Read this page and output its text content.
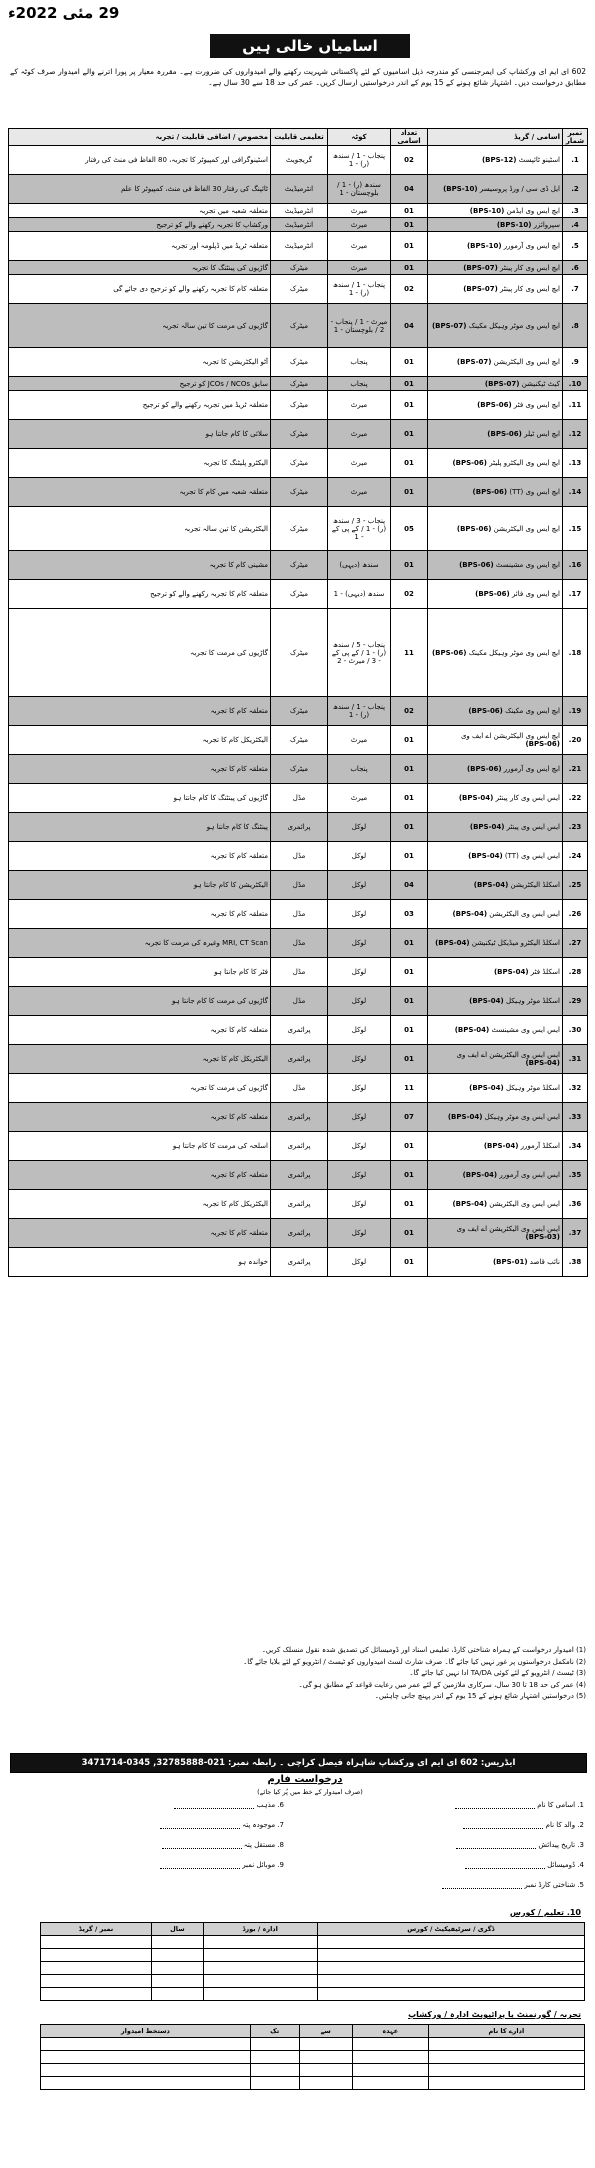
29 مئی 2022ء
اسامیاں خالی ہیں

602 ای ایم ای ورکشاپ کی ایمرجنسی کو مندرجہ ذیل اسامیوں کے لئے پاکستانی شہریت رکھنے والے امیدواروں کی ضرورت ہے۔ مقررہ معیار پر پورا اترنے والے امیدوار صرف کوٹہ کے مطابق درخواست دیں۔ اشتہار شائع ہونے کے 15 یوم کے اندر درخواستیں ارسال کریں۔ عمر کی حد 18 سے 30 سال ہے۔

نمبر شمار	اسامی / گریڈ	تعداد اسامی	کوٹہ	تعلیمی قابلیت	مخصوص / اضافی قابلیت / تجربہ
1.	اسٹینو ٹائپسٹ (BPS-12)	02	پنجاب - 1 / سندھ (ر) - 1	گریجویٹ	اسٹینوگرافی اور کمپیوٹر کا تجربہ، 80 الفاظ فی منٹ کی رفتار
2.	ایل ڈی سی / ورڈ پروسیسر (BPS-10)	04	سندھ (ر) - 1 / بلوچستان - 1	انٹرمیڈیٹ	ٹائپنگ کی رفتار 30 الفاظ فی منٹ، کمپیوٹر کا علم
3.	ایچ ایس وی ایڈمن (BPS-10)	01	میرٹ	انٹرمیڈیٹ	متعلقہ شعبہ میں تجربہ
4.	سپروائزر (BPS-10)	01	میرٹ	انٹرمیڈیٹ	ورکشاپ کا تجربہ رکھنے والے کو ترجیح
5.	ایچ ایس وی آرمورر (BPS-10)	01	میرٹ	انٹرمیڈیٹ	متعلقہ ٹریڈ میں ڈپلومہ اور تجربہ
6.	ایچ ایس وی کار پینٹر (BPS-07)	01	میرٹ	میٹرک	گاڑیوں کی پینٹنگ کا تجربہ
7.	ایچ ایس وی کار پینٹر (BPS-07)	02	پنجاب - 1 / سندھ (ر) - 1	میٹرک	متعلقہ کام کا تجربہ رکھنے والے کو ترجیح دی جائے گی
8.	ایچ ایس وی موٹر وہیکل مکینک (BPS-07)	04	میرٹ - 1 / پنجاب - 2 / بلوچستان - 1	میٹرک	گاڑیوں کی مرمت کا تین سالہ تجربہ
9.	ایچ ایس وی الیکٹریشن (BPS-07)	01	پنجاب	میٹرک	آٹو الیکٹریشن کا تجربہ
10.	کیٹ ٹیکنیشن (BPS-07)	01	پنجاب	میٹرک	سابق JCOs / NCOs کو ترجیح
11.	ایچ ایس وی فٹر (BPS-06)	01	میرٹ	میٹرک	متعلقہ ٹریڈ میں تجربہ رکھنے والے کو ترجیح
12.	ایچ ایس ٹیلر (BPS-06)	01	میرٹ	میٹرک	سلائی کا کام جانتا ہو
13.	ایچ ایس وی الیکٹرو پلیٹر (BPS-06)	01	میرٹ	میٹرک	الیکٹرو پلیٹنگ کا تجربہ
14.	ایچ ایس وی (TT) (BPS-06)	01	میرٹ	میٹرک	متعلقہ شعبہ میں کام کا تجربہ
15.	ایچ ایس وی الیکٹریشن (BPS-06)	05	پنجاب - 3 / سندھ (ر) - 1 / کے پی کے - 1	میٹرک	الیکٹریشن کا تین سالہ تجربہ
16.	ایچ ایس وی مشینسٹ (BPS-06)	01	سندھ (دیہی)	میٹرک	مشینی کام کا تجربہ
17.	ایچ ایس وی فائر (BPS-06)	02	سندھ (دیہی) - 1	میٹرک	متعلقہ کام کا تجربہ رکھنے والے کو ترجیح
18.	ایچ ایس وی موٹر وہیکل مکینک (BPS-06)	11	پنجاب - 5 / سندھ (ر) - 1 / کے پی کے - 3 / میرٹ - 2	میٹرک	گاڑیوں کی مرمت کا تجربہ
19.	ایچ ایس وی مکینک (BPS-06)	02	پنجاب - 1 / سندھ (ر) - 1	میٹرک	متعلقہ کام کا تجربہ
20.	ایچ ایس وی الیکٹریشن اے ایف وی (BPS-06)	01	میرٹ	میٹرک	الیکٹریکل کام کا تجربہ
21.	ایچ ایس وی آرمورر (BPS-06)	01	پنجاب	میٹرک	متعلقہ کام کا تجربہ
22.	ایس ایس وی کار پینٹر (BPS-04)	01	میرٹ	مڈل	گاڑیوں کی پینٹنگ کا کام جانتا ہو
23.	ایس ایس وی پینٹر (BPS-04)	01	لوکل	پرائمری	پینٹنگ کا کام جانتا ہو
24.	ایس ایس وی (TT) (BPS-04)	01	لوکل	مڈل	متعلقہ کام کا تجربہ
25.	اسکلڈ الیکٹریشن (BPS-04)	04	لوکل	مڈل	الیکٹریشن کا کام جانتا ہو
26.	ایس ایس وی الیکٹریشن (BPS-04)	03	لوکل	مڈل	متعلقہ کام کا تجربہ
27.	اسکلڈ الیکٹرو میڈیکل ٹیکنیشن (BPS-04)	01	لوکل	مڈل	MRI, CT Scan وغیرہ کی مرمت کا تجربہ
28.	اسکلڈ فٹر (BPS-04)	01	لوکل	مڈل	فٹر کا کام جانتا ہو
29.	اسکلڈ موٹر وہیکل (BPS-04)	01	لوکل	مڈل	گاڑیوں کی مرمت کا کام جانتا ہو
30.	ایس ایس وی مشینسٹ (BPS-04)	01	لوکل	پرائمری	متعلقہ کام کا تجربہ
31.	ایس ایس وی الیکٹریشن اے ایف وی (BPS-04)	01	لوکل	پرائمری	الیکٹریکل کام کا تجربہ
32.	اسکلڈ موٹر وہیکل (BPS-04)	11	لوکل	مڈل	گاڑیوں کی مرمت کا تجربہ
33.	ایس ایس وی موٹر وہیکل (BPS-04)	07	لوکل	پرائمری	متعلقہ کام کا تجربہ
34.	اسکلڈ آرمورر (BPS-04)	01	لوکل	پرائمری	اسلحہ کی مرمت کا کام جانتا ہو
35.	ایس ایس وی آرمورر (BPS-04)	01	لوکل	پرائمری	متعلقہ کام کا تجربہ
36.	ایس ایس وی الیکٹریشن (BPS-04)	01	لوکل	پرائمری	الیکٹریکل کام کا تجربہ
37.	ایس ایس وی الیکٹریشن اے ایف وی (BPS-03)	01	لوکل	پرائمری	متعلقہ کام کا تجربہ
38.	نائب قاصد (BPS-01)	01	لوکل	پرائمری	خواندہ ہو

(1) امیدوار درخواست کے ہمراہ شناختی کارڈ، تعلیمی اسناد اور ڈومیسائل کی تصدیق شدہ نقول منسلک کریں۔

(2) نامکمل درخواستوں پر غور نہیں کیا جائے گا۔ صرف شارٹ لسٹ امیدواروں کو ٹیسٹ / انٹرویو کے لئے بلایا جائے گا۔

(3) ٹیسٹ / انٹرویو کے لئے کوئی TA/DA ادا نہیں کیا جائے گا۔

(4) عمر کی حد 18 تا 30 سال، سرکاری ملازمین کے لئے عمر میں رعایت قواعد کے مطابق ہو گی۔

(5) درخواستیں اشتہار شائع ہونے کے 15 یوم کے اندر پہنچ جانی چاہئیں۔

ایڈریس: 602 ای ایم ای ورکشاپ شاہراہ فیصل کراچی ۔ رابطہ نمبر: 021-32785888, 0345-3471714
درخواست فارم
(صرف امیدوار کے خط میں پُر کیا جائے)
1. اسامی کا نام
2. والد کا نام
3. تاریخ پیدائش
4. ڈومیسائل
5. شناختی کارڈ نمبر
6. مذہب
7. موجودہ پتہ
8. مستقل پتہ
9. موبائل نمبر
10. تعلیم / کورس
ڈگری / سرٹیفیکیٹ / کورس	ادارہ / بورڈ	سال	نمبر / گریڈ

تجربہ / گورنمنٹ یا پرائیویٹ ادارہ / ورکشاپ
ادارے کا نام	عہدہ	سے	تک	دستخط امیدوار
